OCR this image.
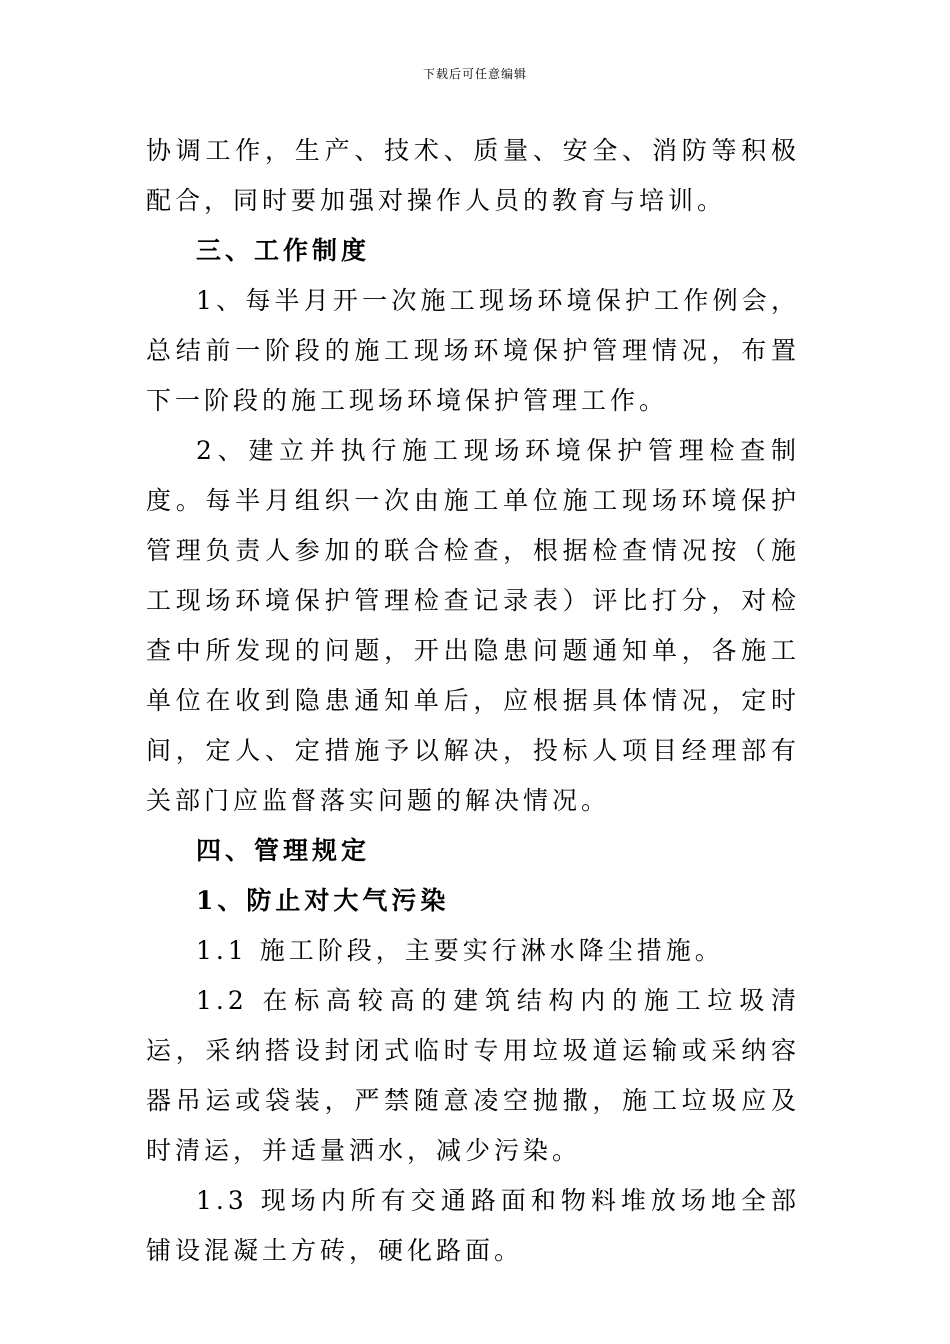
下载后可任意编辑

协调工作，生产、技术、质量、安全、消防等积极配合，同时要加强对操作人员的教育与培训。

三、工作制度

1、每半月开一次施工现场环境保护工作例会，总结前一阶段的施工现场环境保护管理情况，布置下一阶段的施工现场环境保护管理工作。

2、建立并执行施工现场环境保护管理检查制度。每半月组织一次由施工单位施工现场环境保护管理负责人参加的联合检查，根据检查情况按（施工现场环境保护管理检查记录表）评比打分，对检查中所发现的问题，开出隐患问题通知单，各施工单位在收到隐患通知单后，应根据具体情况，定时间，定人、定措施予以解决，投标人项目经理部有关部门应监督落实问题的解决情况。

四、管理规定

1、防止对大气污染

1.1 施工阶段，主要实行淋水降尘措施。

1.2 在标高较高的建筑结构内的施工垃圾清运，采纳搭设封闭式临时专用垃圾道运输或采纳容器吊运或袋装，严禁随意凌空抛撒，施工垃圾应及时清运，并适量洒水，减少污染。

1.3 现场内所有交通路面和物料堆放场地全部铺设混凝土方砖，硬化路面。
